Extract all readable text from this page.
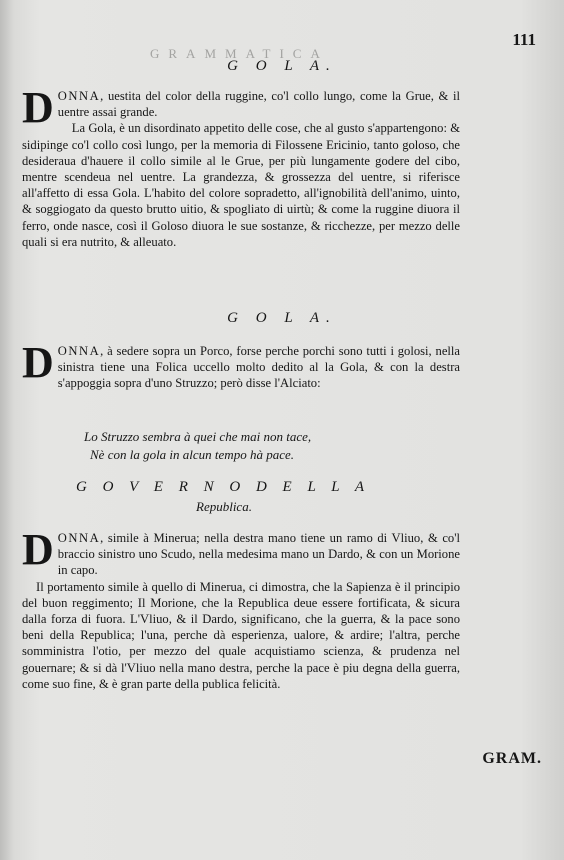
GRAMMATICA
111
G O L A.

DONNA, uestita del color della ruggine, co'l collo lungo, come la Grue, & il uentre assai grande.

La Gola, è un disordinato appetito delle cose, che al gusto s'appartengono: & sidipinge co'l collo così lungo, per la memoria di Filossene Ericinio, tanto goloso, che desideraua d'hauere il collo simile al le Grue, per più lungamente godere del cibo, mentre scendeua nel uentre. La grandezza, & grossezza del uentre, si riferisce all'affetto di essa Gola. L'habito del colore sopradetto, all'ignobilità dell'animo, uinto, & soggiogato da questo brutto uitio, & spogliato di uirtù; & come la ruggine diuora il ferro, onde nasce, così il Goloso diuora le sue sostanze, & ricchezze, per mezzo delle quali si era nutrito, & alleuato.

G O L A.

DONNA, à sedere sopra un Porco, forse perche porchi sono tutti i golosi, nella sinistra tiene una Folica uccello molto dedito al la Gola, & con la destra s'appoggia sopra d'uno Struzzo; però disse l'Alciato:

Lo Struzzo sembra à quei che mai non tace,
Nè con la gola in alcun tempo hà pace.
G O V E R N O D E L L A
Republica.

DONNA, simile à Minerua; nella destra mano tiene un ramo di Vliuo, & co'l braccio sinistro uno Scudo, nella medesima mano un Dardo, & con un Morione in capo.

Il portamento simile à quello di Minerua, ci dimostra, che la Sapienza è il principio del buon reggimento; Il Morione, che la Republica deue essere fortificata, & sicura dalla forza di fuora. L'Vliuo, & il Dardo, significano, che la guerra, & la pace sono beni della Republica; l'una, perche dà esperienza, ualore, & ardire; l'altra, perche somministra l'otio, per mezzo del quale acquistiamo scienza, & prudenza nel gouernare; & si dà l'Vliuo nella mano destra, perche la pace è piu degna della guerra, come suo fine, & è gran parte della publica felicità.

GRAM.
